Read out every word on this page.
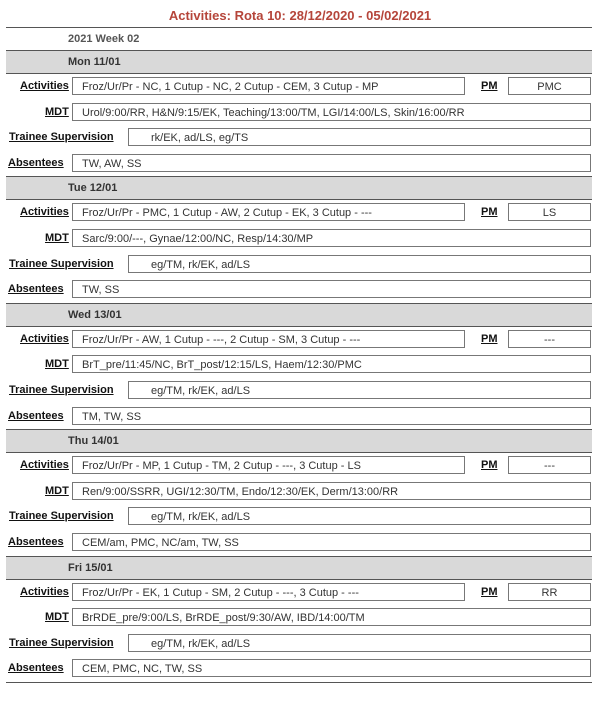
Activities: Rota 10: 28/12/2020 - 05/02/2021
2021 Week 02
Mon 11/01
Activities	Froz/Ur/Pr - NC, 1 Cutup - NC, 2 Cutup - CEM, 3 Cutup - MP	PM	PMC
MDT	Urol/9:00/RR, H&N/9:15/EK, Teaching/13:00/TM, LGI/14:00/LS, Skin/16:00/RR
Trainee Supervision	rk/EK, ad/LS, eg/TS
Absentees	TW, AW, SS
Tue 12/01
Activities	Froz/Ur/Pr - PMC, 1 Cutup - AW, 2 Cutup - EK, 3 Cutup - ---	PM	LS
MDT	Sarc/9:00/---, Gynae/12:00/NC, Resp/14:30/MP
Trainee Supervision	eg/TM, rk/EK, ad/LS
Absentees	TW, SS
Wed 13/01
Activities	Froz/Ur/Pr - AW, 1 Cutup - ---, 2 Cutup - SM, 3 Cutup - ---	PM	---
MDT	BrT_pre/11:45/NC, BrT_post/12:15/LS, Haem/12:30/PMC
Trainee Supervision	eg/TM, rk/EK, ad/LS
Absentees	TM, TW, SS
Thu 14/01
Activities	Froz/Ur/Pr - MP, 1 Cutup - TM, 2 Cutup - ---, 3 Cutup - LS	PM	---
MDT	Ren/9:00/SSRR, UGI/12:30/TM, Endo/12:30/EK, Derm/13:00/RR
Trainee Supervision	eg/TM, rk/EK, ad/LS
Absentees	CEM/am, PMC, NC/am, TW, SS
Fri 15/01
Activities	Froz/Ur/Pr - EK, 1 Cutup - SM, 2 Cutup - ---, 3 Cutup - ---	PM	RR
MDT	BrRDE_pre/9:00/LS, BrRDE_post/9:30/AW, IBD/14:00/TM
Trainee Supervision	eg/TM, rk/EK, ad/LS
Absentees	CEM, PMC, NC, TW, SS
